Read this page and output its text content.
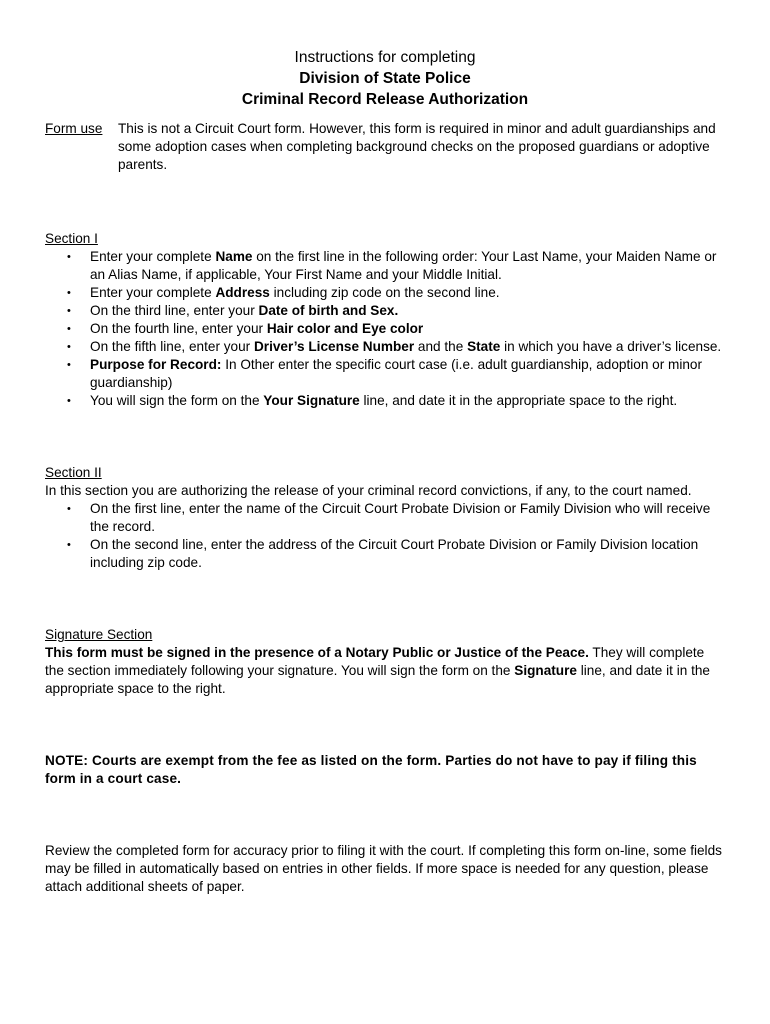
Instructions for completing
Division of State Police
Criminal Record Release Authorization
Form use	This is not a Circuit Court form. However, this form is required in minor and adult guardianships and some adoption cases when completing background checks on the proposed guardians or adoptive parents.
Section I
• Enter your complete Name on the first line in the following order: Your Last Name, your Maiden Name or an Alias Name, if applicable, Your First Name and your Middle Initial.
• Enter your complete Address including zip code on the second line.
• On the third line, enter your Date of birth and Sex.
• On the fourth line, enter your Hair color and Eye color
• On the fifth line, enter your Driver’s License Number and the State in which you have a driver’s license.
• Purpose for Record: In Other enter the specific court case (i.e. adult guardianship, adoption or minor guardianship)
• You will sign the form on the Your Signature line, and date it in the appropriate space to the right.
Section II
In this section you are authorizing the release of your criminal record convictions, if any, to the court named.
• On the first line, enter the name of the Circuit Court Probate Division or Family Division who will receive the record.
• On the second line, enter the address of the Circuit Court Probate Division or Family Division location including zip code.
Signature Section
This form must be signed in the presence of a Notary Public or Justice of the Peace. They will complete the section immediately following your signature. You will sign the form on the Signature line, and date it in the appropriate space to the right.
NOTE: Courts are exempt from the fee as listed on the form. Parties do not have to pay if filing this form in a court case.
Review the completed form for accuracy prior to filing it with the court. If completing this form on-line, some fields may be filled in automatically based on entries in other fields. If more space is needed for any question, please attach additional sheets of paper.
